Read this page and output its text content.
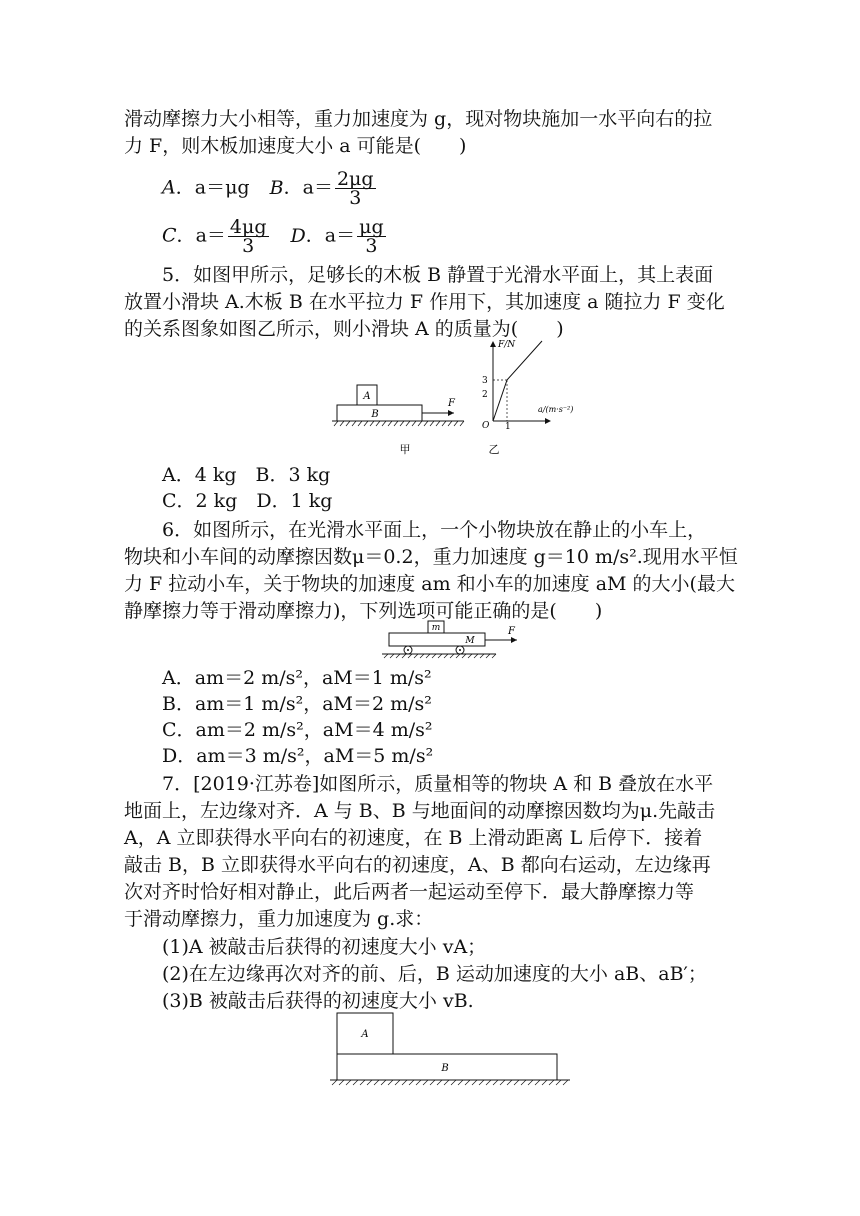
滑动摩擦力大小相等，重力加速度为 g，现对物块施加一水平向右的拉
力 F，则木板加速度大小 a 可能是(　　)
A．a＝μg B．$a= \frac{2\mu g}{3}$
C．$a= \frac{4\mu g}{3}$ D．$a= \frac{\mu g}{3}$
5．如图甲所示，足够长的木板 B 静置于光滑水平面上，其上表面
放置小滑块 A.木板 B 在水平拉力 F 作用下，其加速度 a 随拉力 F 变化
的关系图象如图乙所示，则小滑块 A 的质量为(　　)
A
B
F
甲
F/N
a/(m·s⁻²)
O
3
2
1
乙
A．4 kg　B．3 kg
C．2 kg　D．1 kg
6．如图所示，在光滑水平面上，一个小物块放在静止的小车上，
物块和小车间的动摩擦因数μ＝0.2，重力加速度 g＝10 m/s².现用水平恒
力 F 拉动小车，关于物块的加速度 am 和小车的加速度 aM 的大小(最大
静摩擦力等于滑动摩擦力)，下列选项可能正确的是(　　)
m
M
F
A．am＝2 m/s²，aM＝1 m/s²
B．am＝1 m/s²，aM＝2 m/s²
C．am＝2 m/s²，aM＝4 m/s²
D．am＝3 m/s²，aM＝5 m/s²
7．[2019·江苏卷]如图所示，质量相等的物块 A 和 B 叠放在水平
地面上，左边缘对齐．A 与 B、B 与地面间的动摩擦因数均为μ.先敲击
A，A 立即获得水平向右的初速度，在 B 上滑动距离 L 后停下．接着
敲击 B，B 立即获得水平向右的初速度，A、B 都向右运动，左边缘再
次对齐时恰好相对静止，此后两者一起运动至停下．最大静摩擦力等
于滑动摩擦力，重力加速度为 g.求：
(1)A 被敲击后获得的初速度大小 vA；
(2)在左边缘再次对齐的前、后，B 运动加速度的大小 aB、aB′；
(3)B 被敲击后获得的初速度大小 vB.
A
B
